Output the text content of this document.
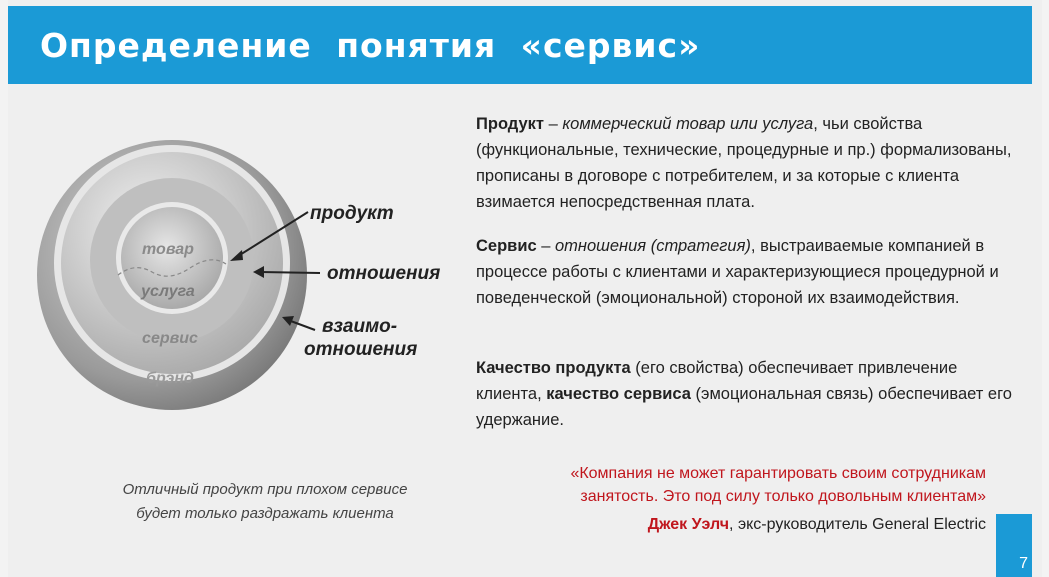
Определение понятия «сервис»
товар
услуга
сервис
брэнд
продукт
отношения
взаимо-
отношения
Отличный продукт при плохом сервисе
будет только раздражать клиента
Продукт – коммерческий товар или услуга, чьи свойства (функциональные, технические, процедурные и пр.) формализованы, прописаны в договоре с потребителем, и за которые с клиента взимается непосредственная плата.
Сервис – отношения (стратегия), выстраиваемые компанией в процессе работы с клиентами и характеризующиеся процедурной и поведенческой (эмоциональной) стороной их взаимодействия.
Качество продукта (его свойства) обеспечивает привлечение клиента, качество сервиса (эмоциональная связь) обеспечивает его удержание.
«Компания не может гарантировать своим сотрудникам
занятость. Это под силу только довольным клиентам»
Джек Уэлч, экс-руководитель General Electric
7
